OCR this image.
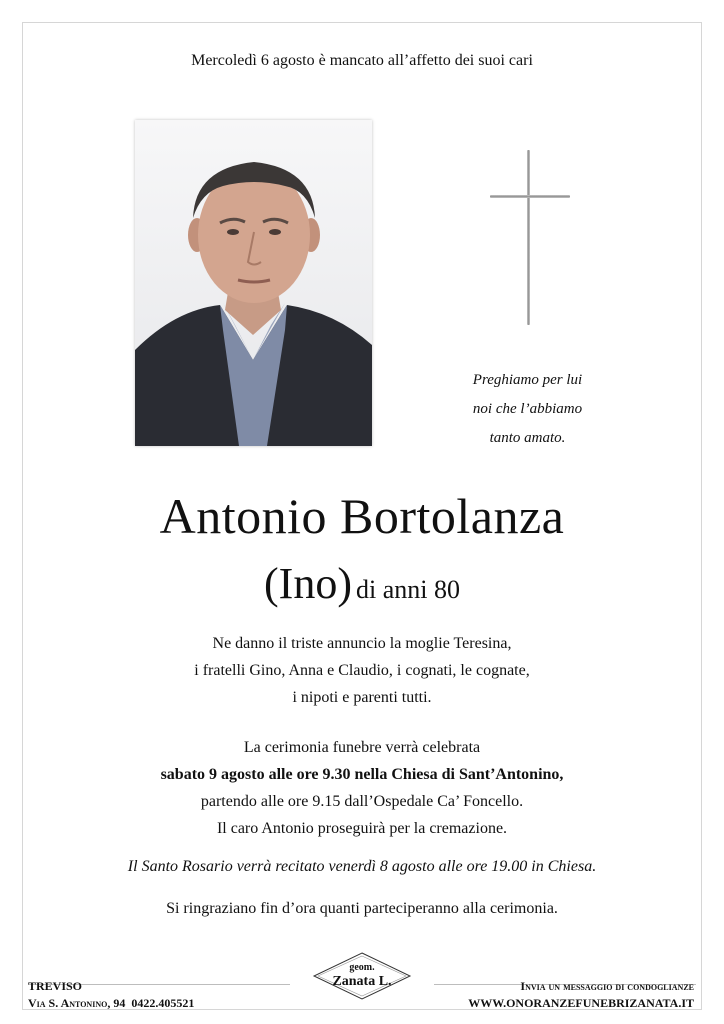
Mercoledì 6 agosto è mancato all’affetto dei suoi cari
Preghiamo per lui
noi che l’abbiamo
tanto amato.
Antonio Bortolanza
(Ino) di anni 80
Ne danno il triste annuncio la moglie Teresina,
i fratelli Gino, Anna e Claudio, i cognati, le cognate,
i nipoti e parenti tutti.
La cerimonia funebre verrà celebrata
sabato 9 agosto alle ore 9.30 nella Chiesa di Sant’Antonino,
partendo alle ore 9.15 dall’Ospedale Ca’ Foncello.
Il caro Antonio proseguirà per la cremazione.
Il Santo Rosario verrà recitato venerdì 8 agosto alle ore 19.00 in Chiesa.
Si ringraziano fin d’ora quanti parteciperanno alla cerimonia.
TREVISO
Via S. Antonino, 94 0422.405521
geom.
Zanata L.	Invia un messaggio di condoglianze
WWW.ONORANZEFUNEBRIZANATA.IT
